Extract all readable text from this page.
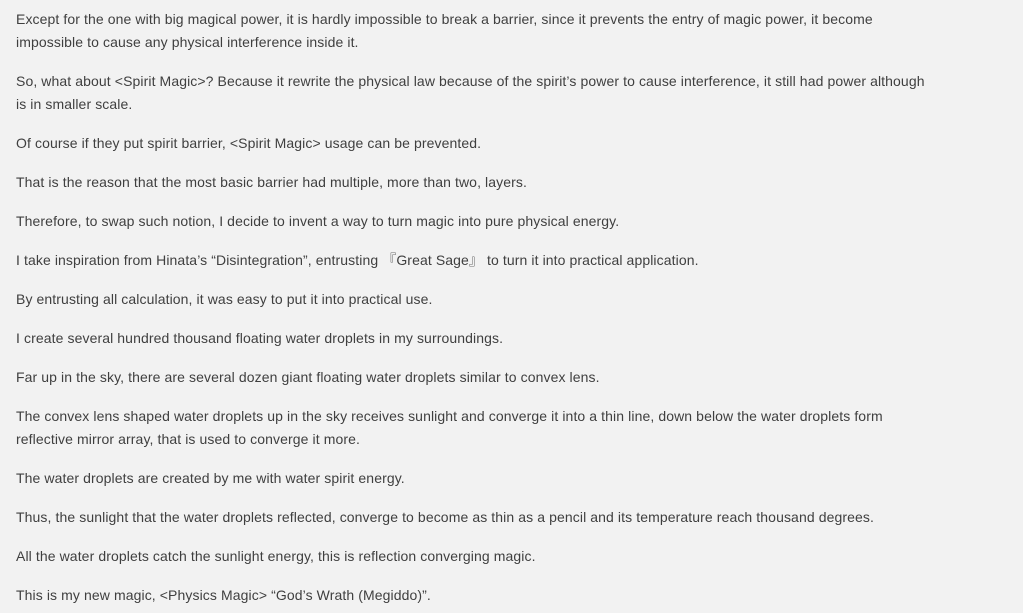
Except for the one with big magical power, it is hardly impossible to break a barrier, since it prevents the entry of magic power, it become impossible to cause any physical interference inside it.

So, what about <Spirit Magic>? Because it rewrite the physical law because of the spirit’s power to cause interference, it still had power although is in smaller scale.

Of course if they put spirit barrier, <Spirit Magic> usage can be prevented.

That is the reason that the most basic barrier had multiple, more than two, layers.

Therefore, to swap such notion, I decide to invent a way to turn magic into pure physical energy.

I take inspiration from Hinata’s “Disintegration”, entrusting 『Great Sage』 to turn it into practical application.

By entrusting all calculation, it was easy to put it into practical use.

I create several hundred thousand floating water droplets in my surroundings.

Far up in the sky, there are several dozen giant floating water droplets similar to convex lens.

The convex lens shaped water droplets up in the sky receives sunlight and converge it into a thin line, down below the water droplets form reflective mirror array, that is used to converge it more.

The water droplets are created by me with water spirit energy.

Thus, the sunlight that the water droplets reflected, converge to become as thin as a pencil and its temperature reach thousand degrees.

All the water droplets catch the sunlight energy, this is reflection converging magic.

This is my new magic, <Physics Magic> “God’s Wrath (Megiddo)”.
